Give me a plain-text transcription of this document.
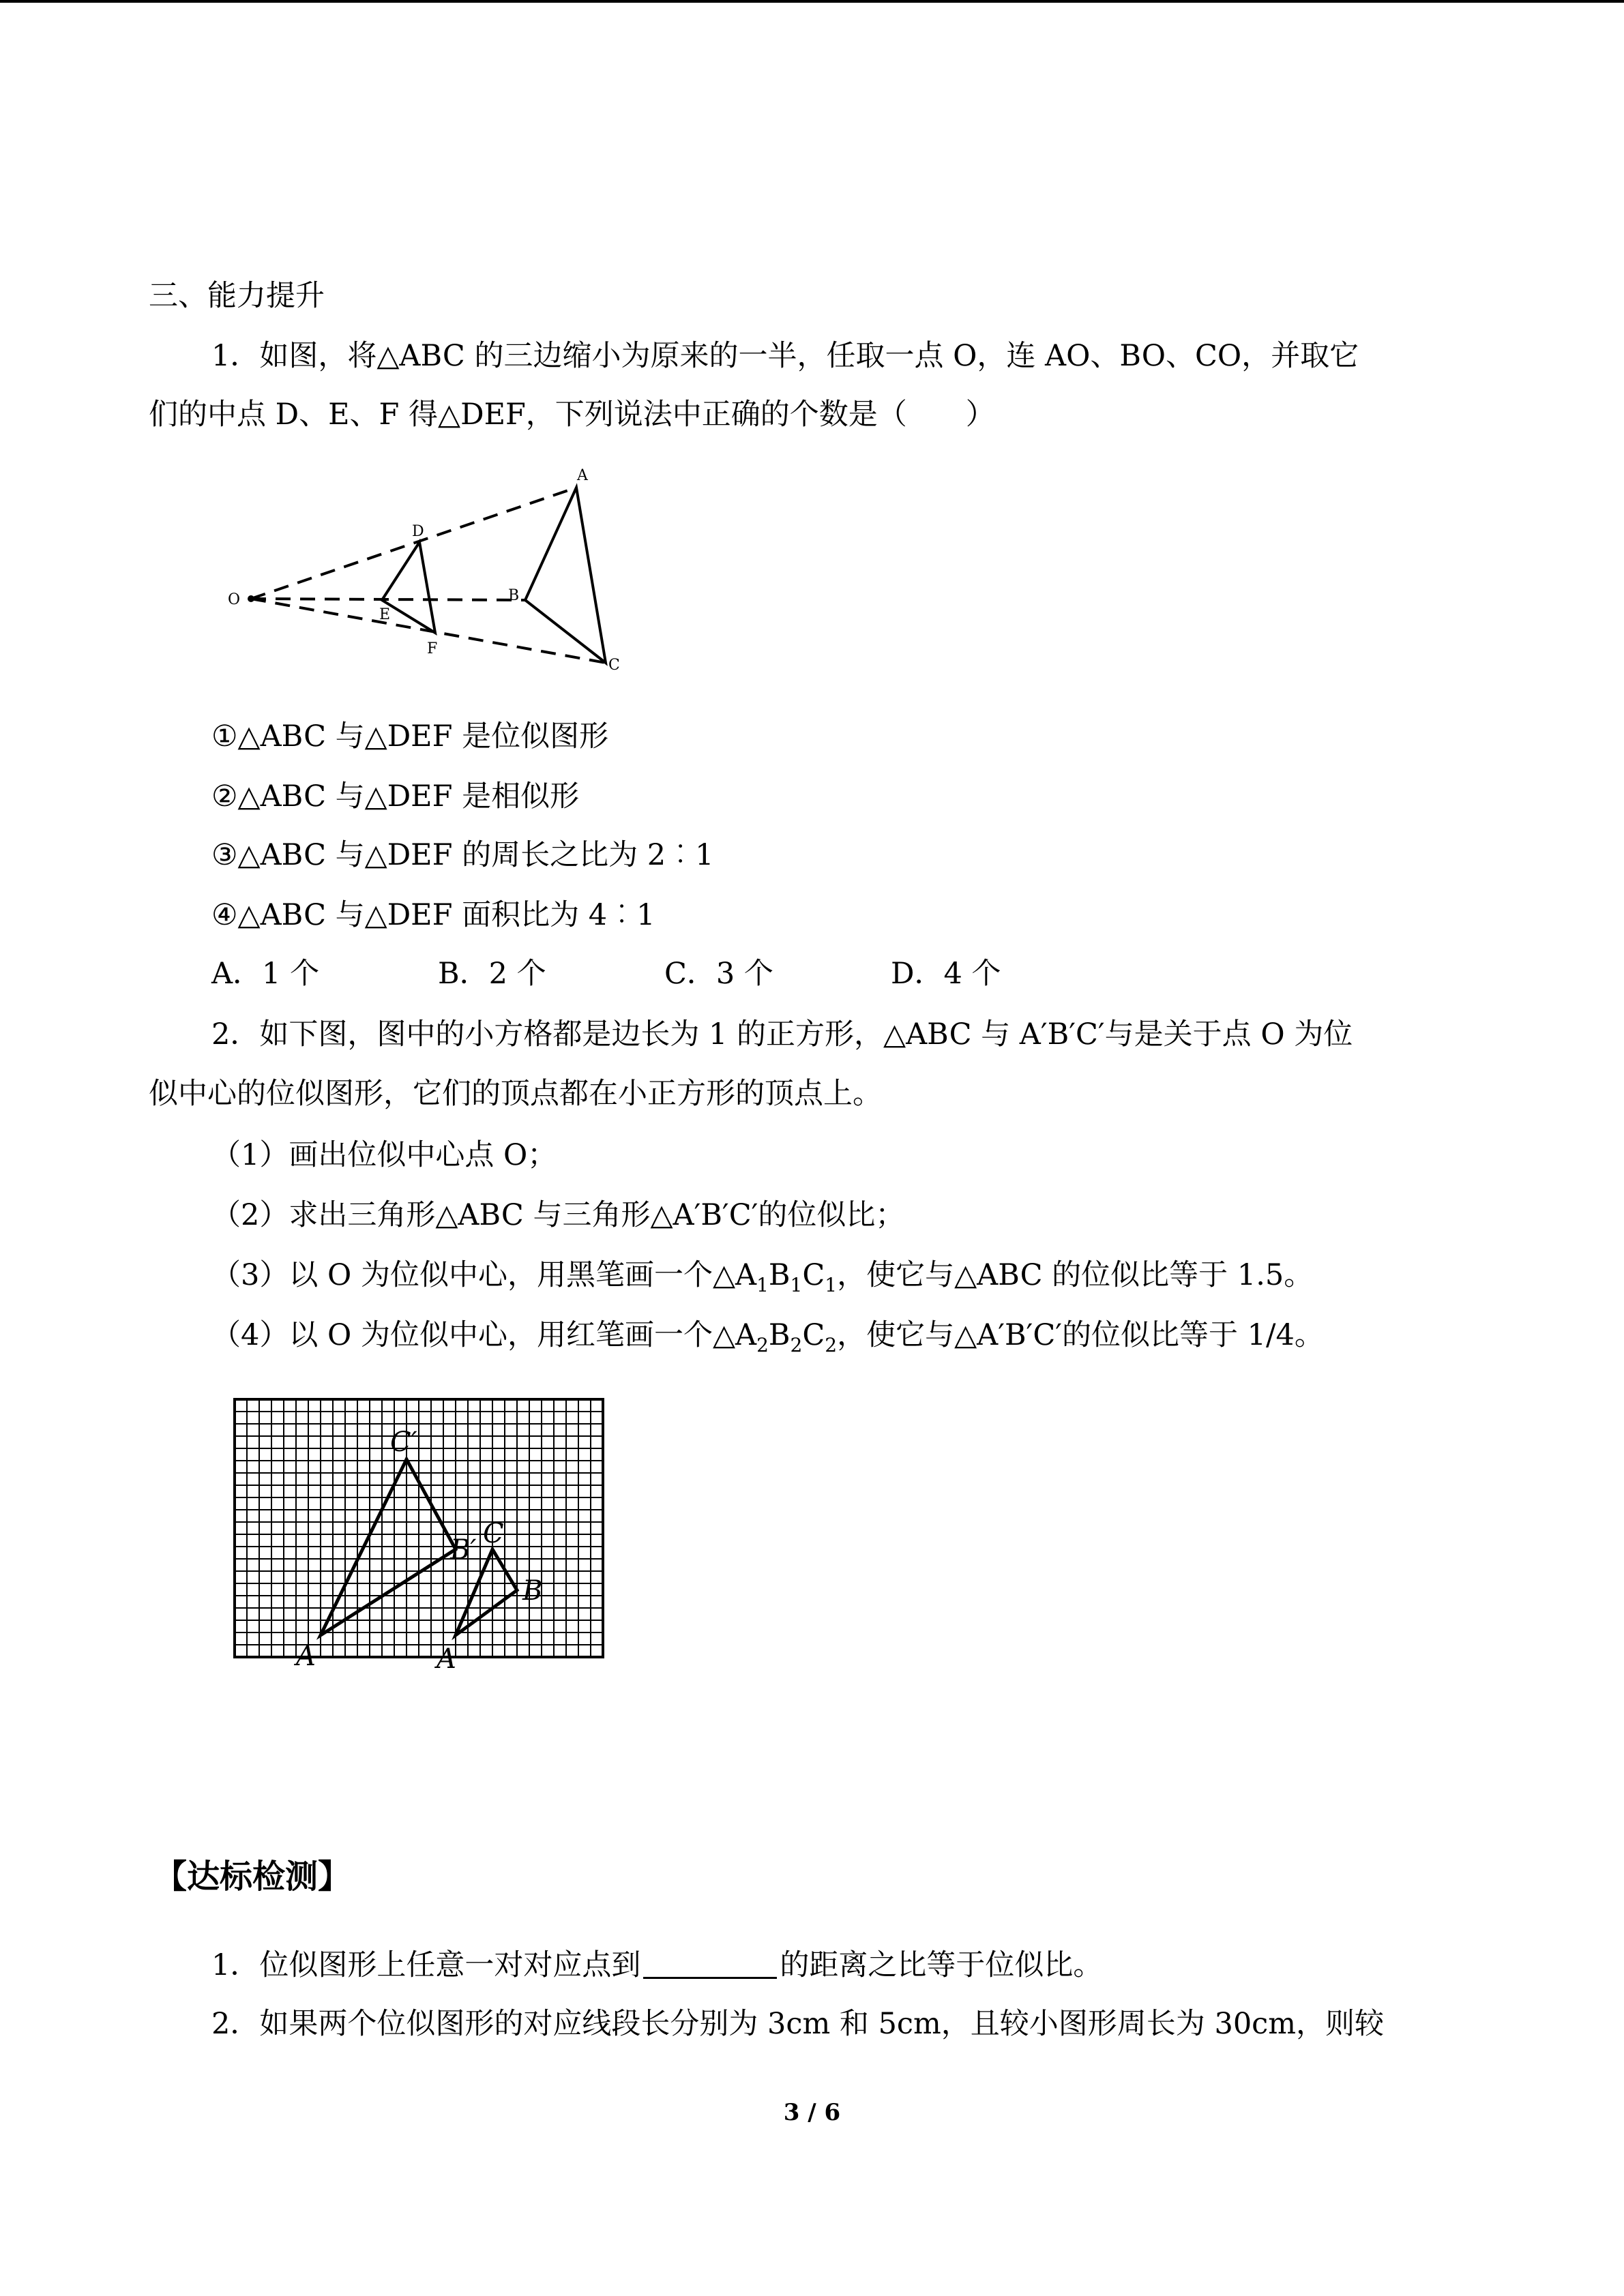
三、能力提升
1．如图，将△ABC 的三边缩小为原来的一半，任取一点 O，连 AO、BO、CO，并取它
们的中点 D、E、F 得△DEF，下列说法中正确的个数是（　　）
O
A
B
C
D
E
F
①△ABC 与△DEF 是位似图形
②△ABC 与△DEF 是相似形
③△ABC 与△DEF 的周长之比为 2︰1
④△ABC 与△DEF 面积比为 4︰1
A．1 个	B．2 个	C．3 个	D．4 个
2．如下图，图中的小方格都是边长为 1 的正方形，△ABC 与 A′B′C′与是关于点 O 为位
似中心的位似图形，它们的顶点都在小正方形的顶点上。
（1）画出位似中心点 O；
（2）求出三角形△ABC 与三角形△A′B′C′的位似比；
（3）以 O 为位似中心，用黑笔画一个$\triangle A_1B_1C_1$，使它与△ABC 的位似比等于 1.5。
（4）以 O 为位似中心，用红笔画一个$\triangle A_2B_2C_2$，使它与△A′B′C′的位似比等于 1/4。
C′
B′
A
C
B
A
【达标检测】
1．位似图形上任意一对对应点到	的距离之比等于位似比。
2．如果两个位似图形的对应线段长分别为 3cm 和 5cm，且较小图形周长为 30cm，则较
3 / 6
